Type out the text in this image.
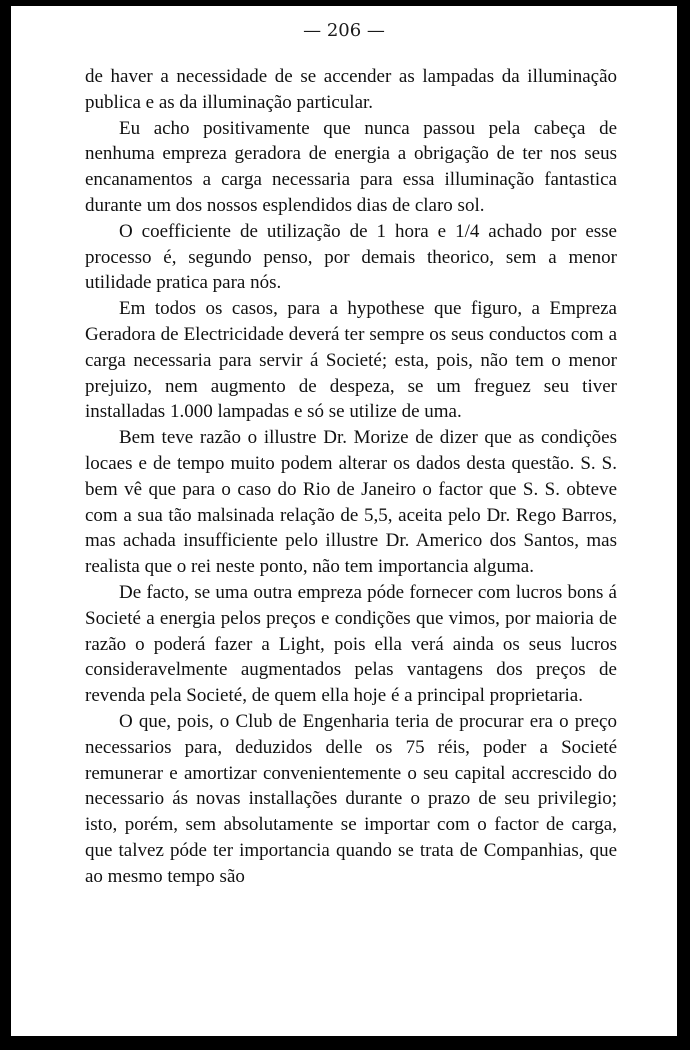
— 206 —

de haver a necessidade de se accender as lampadas da illuminação publica e as da illuminação particular.

Eu acho positivamente que nunca passou pela cabeça de nenhuma empreza geradora de energia a obrigação de ter nos seus encanamentos a carga necessaria para essa illuminação fantastica durante um dos nossos esplendidos dias de claro sol.

O coefficiente de utilização de 1 hora e 1/4 achado por esse processo é, segundo penso, por demais theorico, sem a menor utilidade pratica para nós.

Em todos os casos, para a hypothese que figuro, a Empreza Geradora de Electricidade deverá ter sempre os seus conductos com a carga necessaria para servir á Societé; esta, pois, não tem o menor prejuizo, nem augmento de despeza, se um freguez seu tiver installadas 1.000 lampadas e só se utilize de uma.

Bem teve razão o illustre Dr. Morize de dizer que as condições locaes e de tempo muito podem alterar os dados desta questão. S. S. bem vê que para o caso do Rio de Janeiro o factor que S. S. obteve com a sua tão malsinada relação de 5,5, aceita pelo Dr. Rego Barros, mas achada insufficiente pelo illustre Dr. Americo dos Santos, mas realista que o rei neste ponto, não tem importancia alguma.

De facto, se uma outra empreza póde fornecer com lucros bons á Societé a energia pelos preços e condições que vimos, por maioria de razão o poderá fazer a Light, pois ella verá ainda os seus lucros consideravelmente augmentados pelas vantagens dos preços de revenda pela Societé, de quem ella hoje é a principal proprietaria.

O que, pois, o Club de Engenharia teria de procurar era o preço necessarios para, deduzidos delle os 75 réis, poder a Societé remunerar e amortizar convenientemente o seu capital accrescido do necessario ás novas installações durante o prazo de seu privilegio; isto, porém, sem absolutamente se importar com o factor de carga, que talvez póde ter importancia quando se trata de Companhias, que ao mesmo tempo são
